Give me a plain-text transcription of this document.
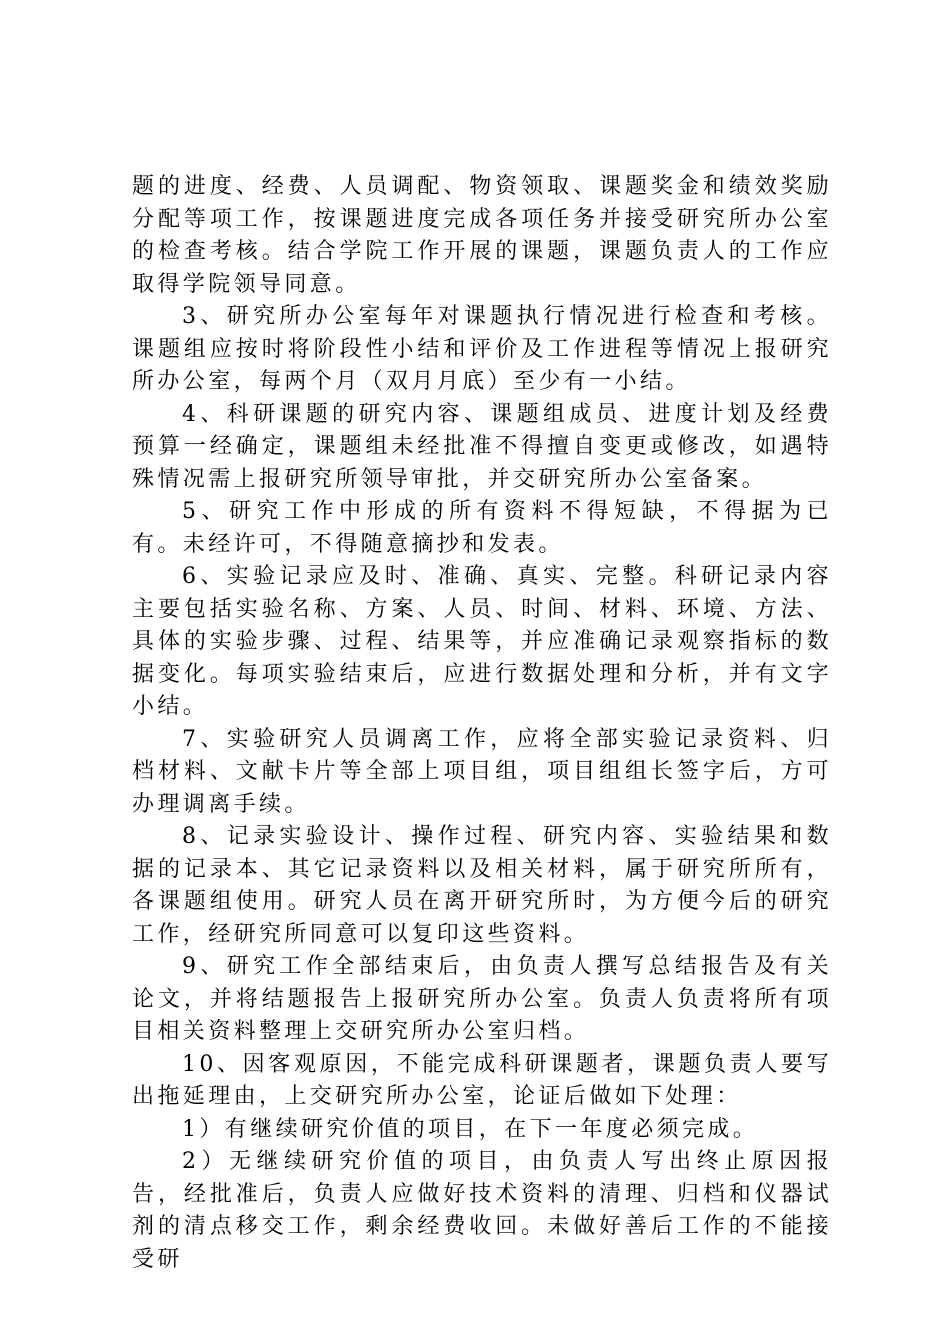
题的进度、经费、人员调配、物资领取、课题奖金和绩效奖励分配等项工作，按课题进度完成各项任务并接受研究所办公室的检查考核。结合学院工作开展的课题，课题负责人的工作应取得学院领导同意。

3、研究所办公室每年对课题执行情况进行检查和考核。课题组应按时将阶段性小结和评价及工作进程等情况上报研究所办公室，每两个月（双月月底）至少有一小结。

4、科研课题的研究内容、课题组成员、进度计划及经费预算一经确定，课题组未经批准不得擅自变更或修改，如遇特殊情况需上报研究所领导审批，并交研究所办公室备案。

5、研究工作中形成的所有资料不得短缺，不得据为已有。未经许可，不得随意摘抄和发表。

6、实验记录应及时、准确、真实、完整。科研记录内容主要包括实验名称、方案、人员、时间、材料、环境、方法、具体的实验步骤、过程、结果等，并应准确记录观察指标的数据变化。每项实验结束后，应进行数据处理和分析，并有文字小结。

7、实验研究人员调离工作，应将全部实验记录资料、归档材料、文献卡片等全部上项目组，项目组组长签字后，方可办理调离手续。

8、记录实验设计、操作过程、研究内容、实验结果和数据的记录本、其它记录资料以及相关材料，属于研究所所有，各课题组使用。研究人员在离开研究所时，为方便今后的研究工作，经研究所同意可以复印这些资料。

9、研究工作全部结束后，由负责人撰写总结报告及有关论文，并将结题报告上报研究所办公室。负责人负责将所有项目相关资料整理上交研究所办公室归档。

10、因客观原因，不能完成科研课题者，课题负责人要写出拖延理由，上交研究所办公室，论证后做如下处理：

1）有继续研究价值的项目，在下一年度必须完成。

2）无继续研究价值的项目，由负责人写出终止原因报告，经批准后，负责人应做好技术资料的清理、归档和仪器试剂的清点移交工作，剩余经费收回。未做好善后工作的不能接受研
